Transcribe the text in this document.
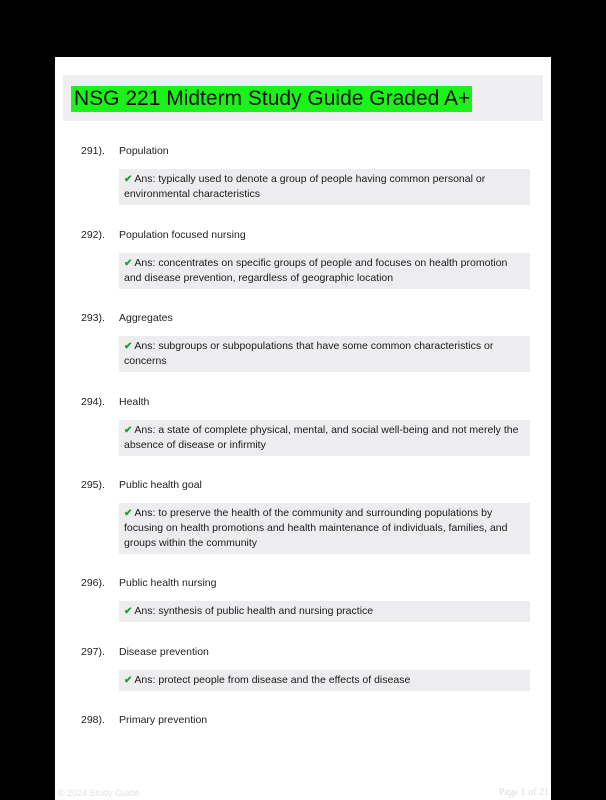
NSG 221 Midterm Study Guide Graded A+
291). Population
✔ Ans: typically used to denote a group of people having common personal or environmental characteristics
292). Population focused nursing
✔ Ans: concentrates on specific groups of people and focuses on health promotion and disease prevention, regardless of geographic location
293). Aggregates
✔ Ans: subgroups or subpopulations that have some common characteristics or concerns
294). Health
✔ Ans: a state of complete physical, mental, and social well-being and not merely the absence of disease or infirmity
295). Public health goal
✔ Ans: to preserve the health of the community and surrounding populations by focusing on health promotions and health maintenance of individuals, families, and groups within the community
296). Public health nursing
✔ Ans: synthesis of public health and nursing practice
297). Disease prevention
✔ Ans: protect people from disease and the effects of disease
298). Primary prevention
© 2024 Study Guide	Page 1 of 21
